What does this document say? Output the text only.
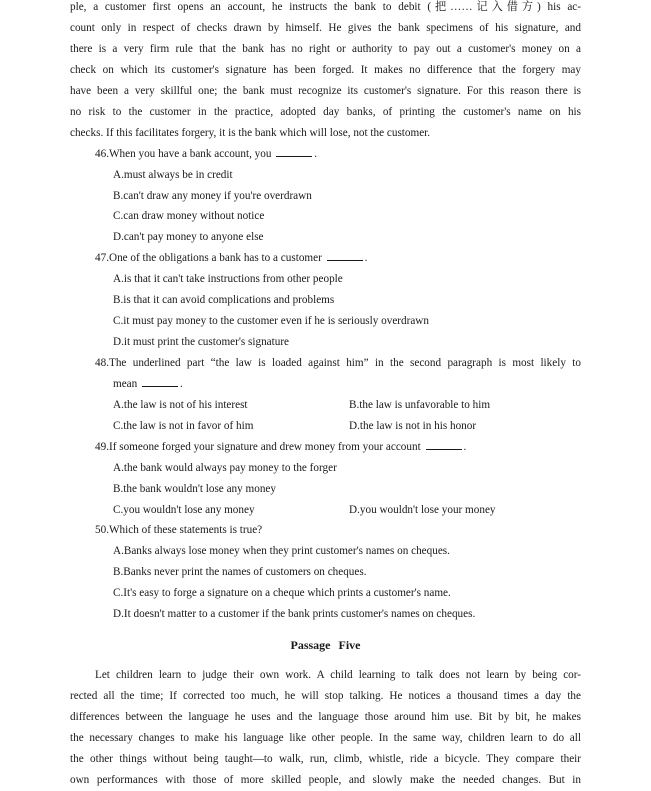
ple, a customer first opens an account, he instructs the bank to debit (把……记入借方) his ac-
count only in respect of checks drawn by himself. He gives the bank specimens of his signature, and
there is a very firm rule that the bank has no right or authority to pay out a customer's money on a
check on which its customer's signature has been forged. It makes no difference that the forgery may
have been a very skillful one; the bank must recognize its customer's signature. For this reason there is
no risk to the customer in the practice, adopted day banks, of printing the customer's name on his
checks. If this facilitates forgery, it is the bank which will lose, not the customer.
46.When you have a bank account, you	.
A.must always be in credit
B.can't draw any money if you're overdrawn
C.can draw money without notice
D.can't pay money to anyone else
47.One of the obligations a bank has to a customer	.
A.is that it can't take instructions from other people
B.is that it can avoid complications and problems
C.it must pay money to the customer even if he is seriously overdrawn
D.it must print the customer's signature
48.The underlined part “the law is loaded against him” in the second paragraph is most likely to
mean	.
A.the law is not of his interest	B.the law is unfavorable to him
C.the law is not in favor of him	D.the law is not in his honor
49.If someone forged your signature and drew money from your account	.
A.the bank would always pay money to the forger
B.the bank wouldn't lose any money
C.you wouldn't lose any money	D.you wouldn't lose your money
50.Which of these statements is true?
A.Banks always lose money when they print customer's names on cheques.
B.Banks never print the names of customers on cheques.
C.It's easy to forge a signature on a cheque which prints a customer's name.
D.It doesn't matter to a customer if the bank prints customer's names on cheques.
Passage Five
Let children learn to judge their own work. A child learning to talk does not learn by being cor-
rected all the time; If corrected too much, he will stop talking. He notices a thousand times a day the
differences between the language he uses and the language those around him use. Bit by bit, he makes
the necessary changes to make his language like other people. In the same way, children learn to do all
the other things without being taught—to walk, run, climb, whistle, ride a bicycle. They compare their
own performances with those of more skilled people, and slowly make the needed changes. But in
